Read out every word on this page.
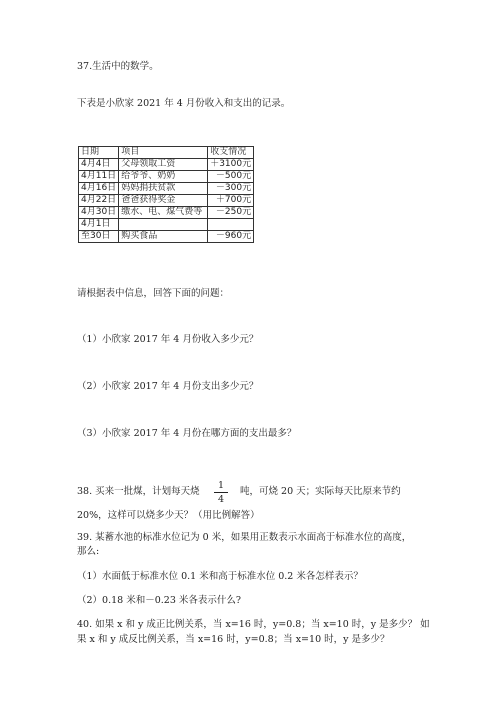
37.生活中的数学。
下表是小欣家 2021 年 4 月份收入和支出的记录。
日期	项目	收支情况
4月4日	父母领取工资	＋3100元
4月11日	给爷爷、奶奶	－500元
4月16日	妈妈捐扶贫款	－300元
4月22日	爸爸获得奖金	＋700元
4月30日	缴水、电、煤气费等	－250元
4月1日		
至30日	购买食品	－960元
请根据表中信息，回答下面的问题：
（1）小欣家 2017 年 4 月份收入多少元？
（2）小欣家 2017 年 4 月份支出多少元？
（3）小欣家 2017 年 4 月份在哪方面的支出最多？
38. 买来一批煤，计划每天烧
1
4
吨，可烧 20 天；实际每天比原来节约
20%，这样可以烧多少天？（用比例解答）
39. 某蓄水池的标准水位记为 0 米，如果用正数表示水面高于标准水位的高度，
那么:
（1）水面低于标准水位 0.1 米和高于标准水位 0.2 米各怎样表示？
（2）0.18 米和－0.23 米各表示什么?
40. 如果 x 和 y 成正比例关系，当 x=16 时，y=0.8；当 x=10 时，y 是多少？ 如
果 x 和 y 成反比例关系，当 x=16 时，y=0.8；当 x=10 时，y 是多少？
